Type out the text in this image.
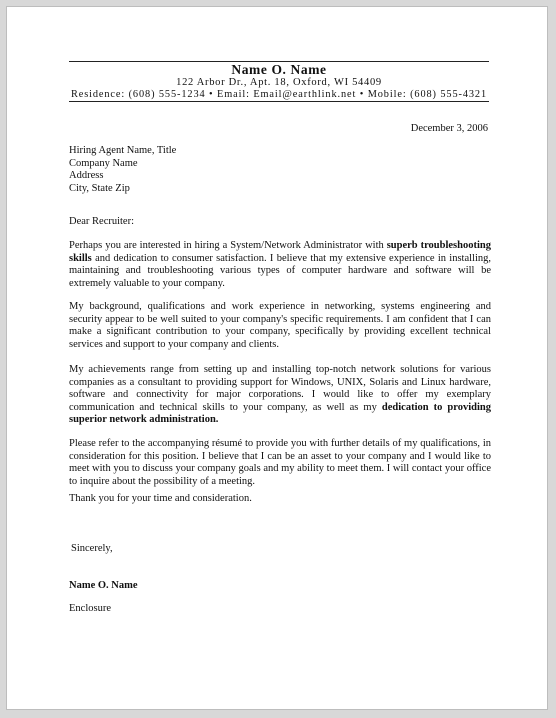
Name O. Name
122 Arbor Dr., Apt. 18, Oxford, WI 54409
Residence: (608) 555-1234 • Email: Email@earthlink.net • Mobile: (608) 555-4321
December 3, 2006

Hiring Agent Name, Title

Company Name

Address

City, State Zip

Dear Recruiter:
Perhaps you are interested in hiring a System/Network Administrator with superb troubleshooting skills and dedication to consumer satisfaction. I believe that my extensive experience in installing, maintaining and troubleshooting various types of computer hardware and software will be extremely valuable to your company.
My background, qualifications and work experience in networking, systems engineering and security appear to be well suited to your company's specific requirements. I am confident that I can make a significant contribution to your company, specifically by providing excellent technical services and support to your company and clients.
My achievements range from setting up and installing top-notch network solutions for various companies as a consultant to providing support for Windows, UNIX, Solaris and Linux hardware, software and connectivity for major corporations. I would like to offer my exemplary communication and technical skills to your company, as well as my dedication to providing superior network administration.
Please refer to the accompanying résumé to provide you with further details of my qualifications, in consideration for this position. I believe that I can be an asset to your company and I would like to meet with you to discuss your company goals and my ability to meet them. I will contact your office to inquire about the possibility of a meeting.
Thank you for your time and consideration.
Sincerely,
Name O. Name
Enclosure
